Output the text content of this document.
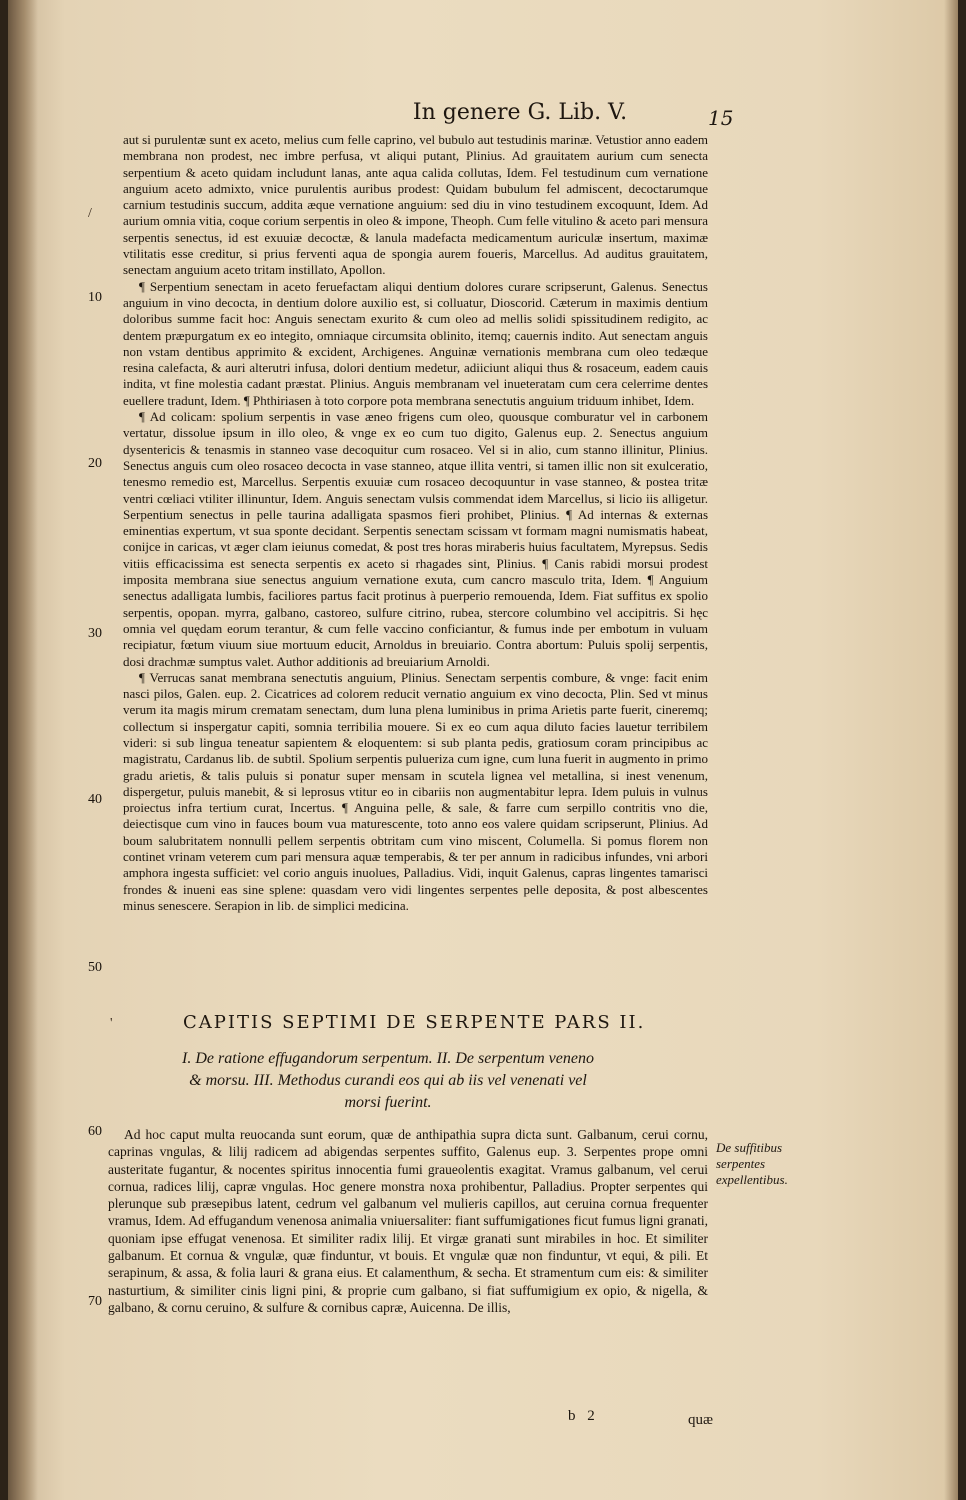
In genere G. Lib. V.	15
/
10
20
30
40
50
60
70

aut si purulentæ sunt ex aceto, melius cum felle caprino, vel bubulo aut testudinis marinæ. Vetustior anno eadem membrana non prodest, nec imbre perfusa, vt aliqui putant, Plinius. Ad grauitatem aurium cum senecta serpentium & aceto quidam includunt lanas, ante aqua calida collutas, Idem. Fel testudinum cum vernatione anguium aceto admixto, vnice purulentis auribus prodest: Quidam bubulum fel admiscent, decoctarumque carnium testudinis succum, addita æque vernatione anguium: sed diu in vino testudinem excoquunt, Idem. Ad aurium omnia vitia, coque corium serpentis in oleo & impone, Theoph. Cum felle vitulino & aceto pari mensura serpentis senectus, id est exuuiæ decoctæ, & lanula madefacta medicamentum auriculæ insertum, maximæ vtilitatis esse creditur, si prius ferventi aqua de spongia aurem foueris, Marcellus. Ad auditus grauitatem, senectam anguium aceto tritam instillato, Apollon.

¶ Serpentium senectam in aceto feruefactam aliqui dentium dolores curare scripserunt, Galenus. Senectus anguium in vino decocta, in dentium dolore auxilio est, si colluatur, Dioscorid. Cæterum in maximis dentium doloribus summe facit hoc: Anguis senectam exurito & cum oleo ad mellis solidi spissitudinem redigito, ac dentem præpurgatum ex eo integito, omniaque circumsita oblinito, itemq; cauernis indito. Aut senectam anguis non vstam dentibus apprimito & excident, Archigenes. Anguinæ vernationis membrana cum oleo tedæque resina calefacta, & auri alterutri infusa, dolori dentium medetur, adiiciunt aliqui thus & rosaceum, eadem cauis indita, vt fine molestia cadant præstat. Plinius. Anguis membranam vel inueteratam cum cera celerrime dentes euellere tradunt, Idem. ¶ Phthiriasen à toto corpore pota membrana senectutis anguium triduum inhibet, Idem.

¶ Ad colicam: spolium serpentis in vase æneo frigens cum oleo, quousque comburatur vel in carbonem vertatur, dissolue ipsum in illo oleo, & vnge ex eo cum tuo digito, Galenus eup. 2. Senectus anguium dysentericis & tenasmis in stanneo vase decoquitur cum rosaceo. Vel si in alio, cum stanno illinitur, Plinius. Senectus anguis cum oleo rosaceo decocta in vase stanneo, atque illita ventri, si tamen illic non sit exulceratio, tenesmo remedio est, Marcellus. Serpentis exuuiæ cum rosaceo decoquuntur in vase stanneo, & postea tritæ ventri cœliaci vtiliter illinuntur, Idem. Anguis senectam vulsis commendat idem Marcellus, si licio iis alligetur. Serpentium senectus in pelle taurina adalligata spasmos fieri prohibet, Plinius. ¶ Ad internas & externas eminentias expertum, vt sua sponte decidant. Serpentis senectam scissam vt formam magni numismatis habeat, conijce in caricas, vt æger clam ieiunus comedat, & post tres horas miraberis huius facultatem, Myrepsus. Sedis vitiis efficacissima est senecta serpentis ex aceto si rhagades sint, Plinius. ¶ Canis rabidi morsui prodest imposita membrana siue senectus anguium vernatione exuta, cum cancro masculo trita, Idem. ¶ Anguium senectus adalligata lumbis, faciliores partus facit protinus à puerperio remouenda, Idem. Fiat suffitus ex spolio serpentis, opopan. myrra, galbano, castoreo, sulfure citrino, rubea, stercore columbino vel accipitris. Si hęc omnia vel quędam eorum terantur, & cum felle vaccino conficiantur, & fumus inde per embotum in vuluam recipiatur, fœtum viuum siue mortuum educit, Arnoldus in breuiario. Contra abortum: Puluis spolij serpentis, dosi drachmæ sumptus valet. Author additionis ad breuiarium Arnoldi.

¶ Verrucas sanat membrana senectutis anguium, Plinius. Senectam serpentis combure, & vnge: facit enim nasci pilos, Galen. eup. 2. Cicatrices ad colorem reducit vernatio anguium ex vino decocta, Plin. Sed vt minus verum ita magis mirum crematam senectam, dum luna plena luminibus in prima Arietis parte fuerit, cineremq; collectum si inspergatur capiti, somnia terribilia mouere. Si ex eo cum aqua diluto facies lauetur terribilem videri: si sub lingua teneatur sapientem & eloquentem: si sub planta pedis, gratiosum coram principibus ac magistratu, Cardanus lib. de subtil. Spolium serpentis pulueriza cum igne, cum luna fuerit in augmento in primo gradu arietis, & talis puluis si ponatur super mensam in scutela lignea vel metallina, si inest venenum, dispergetur, puluis manebit, & si leprosus vtitur eo in cibariis non augmentabitur lepra. Idem puluis in vulnus proiectus infra tertium curat, Incertus. ¶ Anguina pelle, & sale, & farre cum serpillo contritis vno die, deiectisque cum vino in fauces boum vua maturescente, toto anno eos valere quidam scripserunt, Plinius. Ad boum salubritatem nonnulli pellem serpentis obtritam cum vino miscent, Columella. Si pomus florem non continet vrinam veterem cum pari mensura aquæ temperabis, & ter per annum in radicibus infundes, vni arbori amphora ingesta sufficiet: vel corio anguis inuolues, Palladius. Vidi, inquit Galenus, capras lingentes tamarisci frondes & inueni eas sine splene: quasdam vero vidi lingentes serpentes pelle deposita, & post albescentes minus senescere. Serapion in lib. de simplici medicina.

'	CAPITIS SEPTIMI DE SERPENTE PARS II.
I. De ratione effugandorum serpentum. II. De serpentum veneno & morsu. III. Methodus curandi eos qui ab iis vel venenati vel morsi fuerint.

Ad hoc caput multa reuocanda sunt eorum, quæ de anthipathia supra dicta sunt. Galbanum, cerui cornu, caprinas vngulas, & lilij radicem ad abigendas serpentes suffito, Galenus eup. 3. Serpentes prope omni austeritate fugantur, & nocentes spiritus innocentia fumi graueolentis exagitat. Vramus galbanum, vel cerui cornua, radices lilij, capræ vngulas. Hoc genere monstra noxa prohibentur, Palladius. Propter serpentes qui plerunque sub præsepibus latent, cedrum vel galbanum vel mulieris capillos, aut ceruina cornua frequenter vramus, Idem. Ad effugandum venenosa animalia vniuersaliter: fiant suffumigationes ficut fumus ligni granati, quoniam ipse effugat venenosa. Et similiter radix lilij. Et virgæ granati sunt mirabiles in hoc. Et similiter galbanum. Et cornua & vngulæ, quæ finduntur, vt bouis. Et vngulæ quæ non finduntur, vt equi, & pili. Et serapinum, & assa, & folia lauri & grana eius. Et calamenthum, & secha. Et stramentum cum eis: & similiter nasturtium, & similiter cinis ligni pini, & proprie cum galbano, si fiat suffumigium ex opio, & nigella, & galbano, & cornu ceruino, & sulfure & cornibus capræ, Auicenna. De illis,

De suffitibus serpentes expellentibus.
b 2	quæ
